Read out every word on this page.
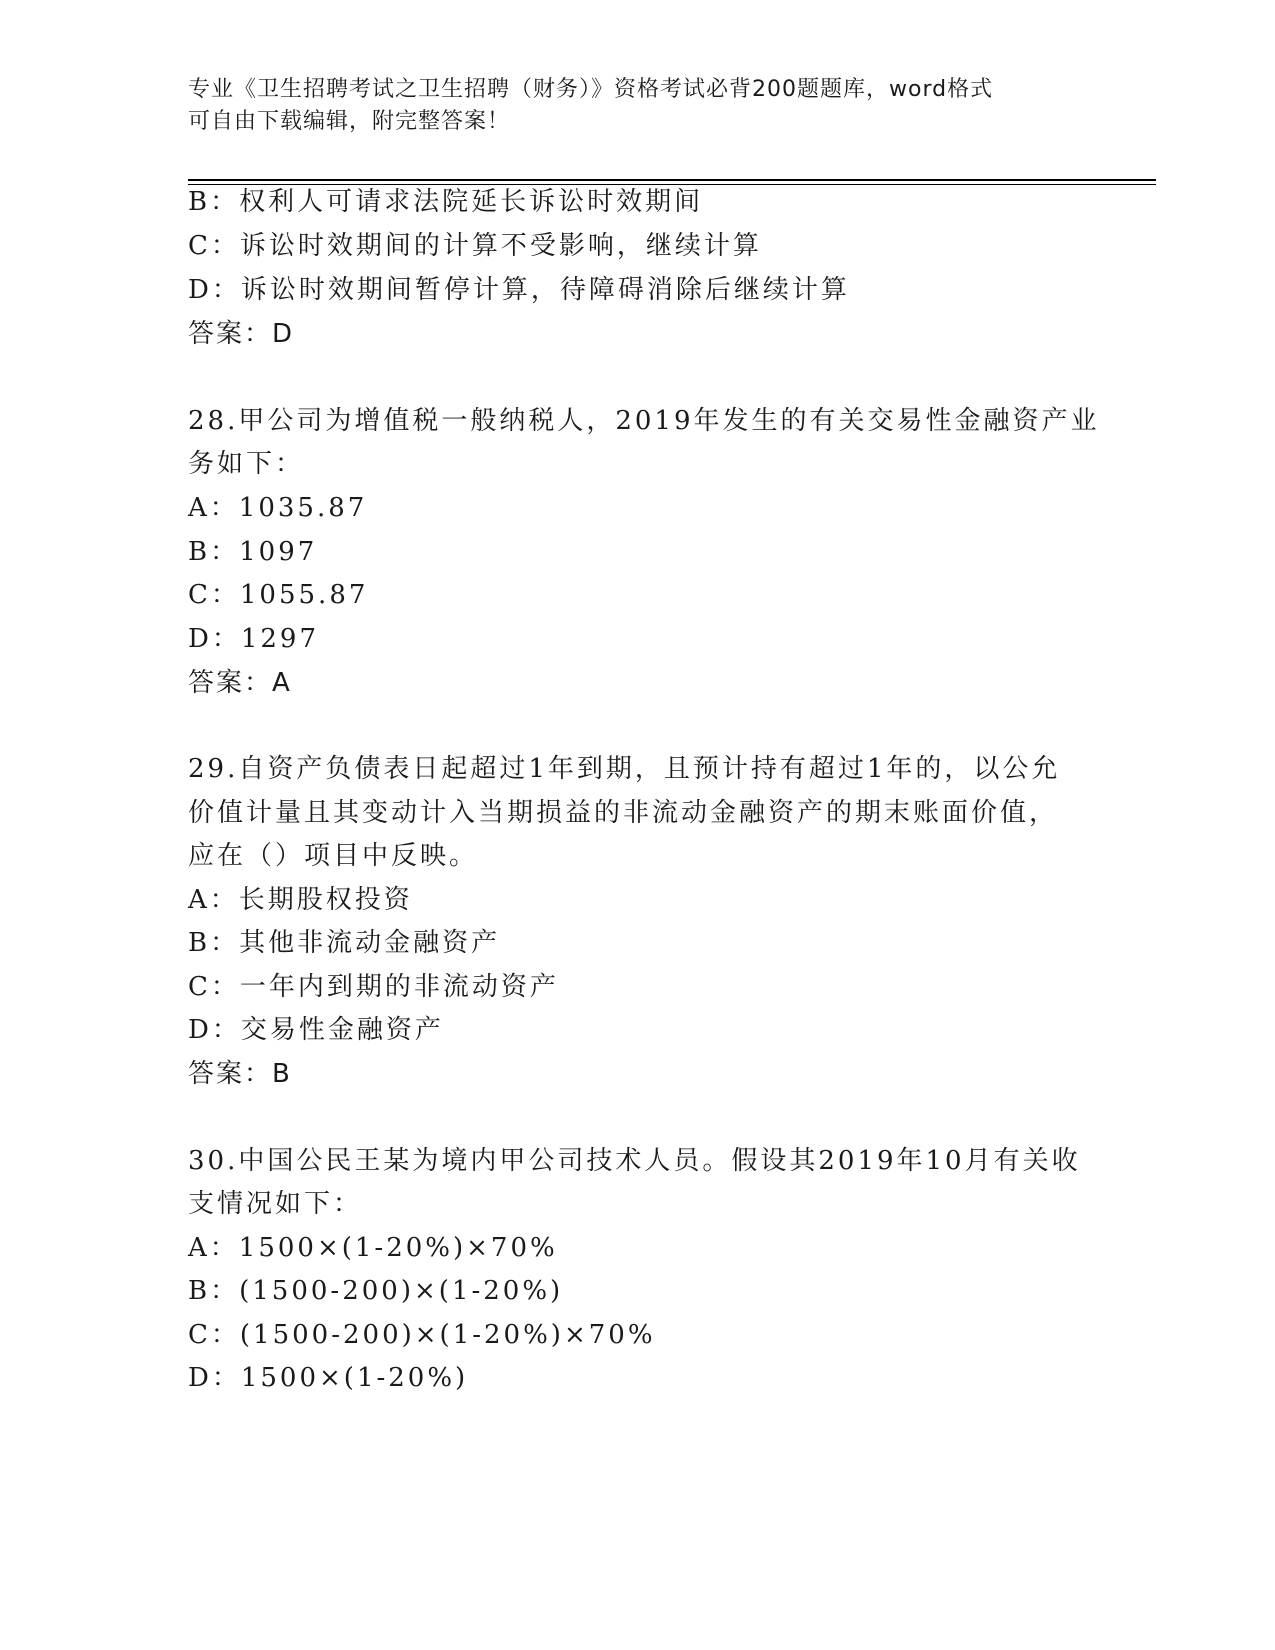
专业《卫生招聘考试之卫生招聘（财务）》资格考试必背200题题库，word格式
可自由下载编辑，附完整答案！
B：权利人可请求法院延长诉讼时效期间
C：诉讼时效期间的计算不受影响，继续计算
D：诉讼时效期间暂停计算，待障碍消除后继续计算
答案：D
28.甲公司为增值税一般纳税人，2019年发生的有关交易性金融资产业
务如下：
A：1035.87
B：1097
C：1055.87
D：1297
答案：A
29.自资产负债表日起超过1年到期，且预计持有超过1年的，以公允
价值计量且其变动计入当期损益的非流动金融资产的期末账面价值，
应在（）项目中反映。
A：长期股权投资
B：其他非流动金融资产
C：一年内到期的非流动资产
D：交易性金融资产
答案：B
30.中国公民王某为境内甲公司技术人员。假设其2019年10月有关收
支情况如下：
A：1500×(1-20%)×70%
B：(1500-200)×(1-20%)
C：(1500-200)×(1-20%)×70%
D：1500×(1-20%)
